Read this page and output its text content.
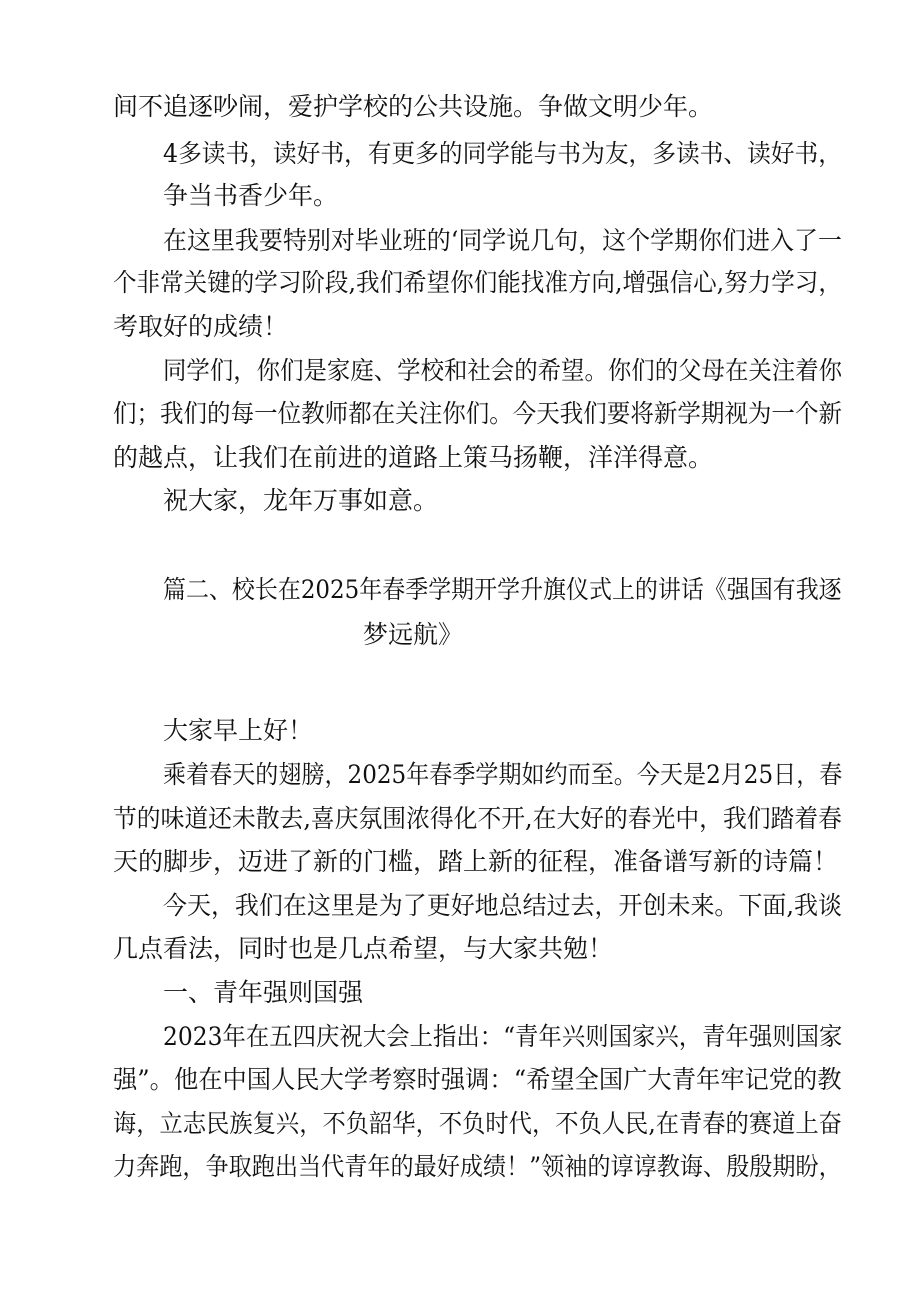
间不追逐吵闹，爱护学校的公共设施。争做文明少年。
4多读书，读好书，有更多的同学能与书为友，多读书、读好书，
争当书香少年。
在这里我要特别对毕业班的‘同学说几句，这个学期你们进入了一
个非常关键的学习阶段,我们希望你们能找准方向,增强信心,努力学习，
考取好的成绩！
同学们，你们是家庭、学校和社会的希望。你们的父母在关注着你
们；我们的每一位教师都在关注你们。今天我们要将新学期视为一个新
的越点，让我们在前进的道路上策马扬鞭，洋洋得意。
祝大家，龙年万事如意。
篇二、校长在2025年春季学期开学升旗仪式上的讲话《强国有我逐
梦远航》
大家早上好！
乘着春天的翅膀，2025年春季学期如约而至。今天是2月25日，春
节的味道还未散去,喜庆氛围浓得化不开,在大好的春光中，我们踏着春
天的脚步，迈进了新的门槛，踏上新的征程，准备谱写新的诗篇！
今天，我们在这里是为了更好地总结过去，开创未来。下面,我谈
几点看法，同时也是几点希望，与大家共勉！
一、青年强则国强
2023年在五四庆祝大会上指出：“青年兴则国家兴，青年强则国家
强”。他在中国人民大学考察时强调：“希望全国广大青年牢记党的教
诲，立志民族复兴，不负韶华，不负时代，不负人民,在青春的赛道上奋
力奔跑，争取跑出当代青年的最好成绩！”领袖的谆谆教诲、殷殷期盼，
